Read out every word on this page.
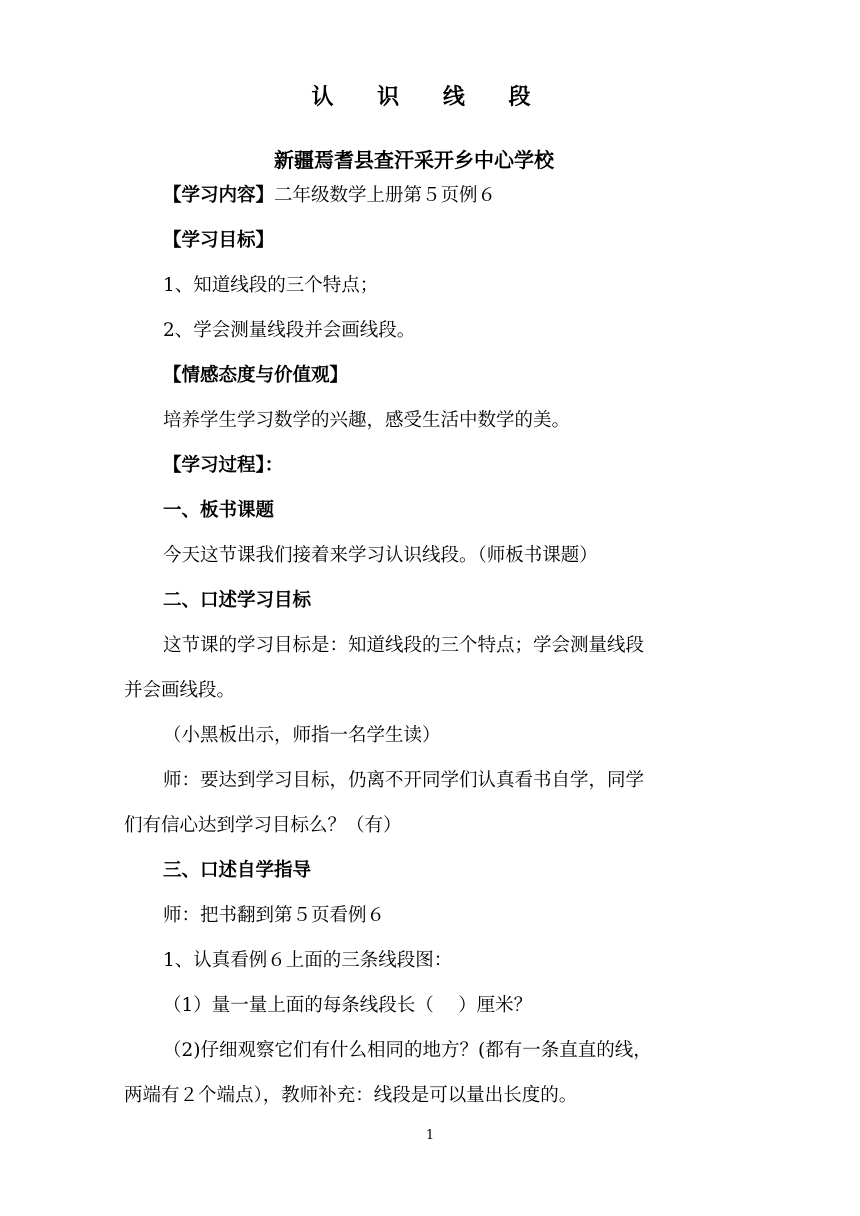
认 识 线 段
新疆焉耆县查汗采开乡中心学校
【学习内容】二年级数学上册第５页例６
【学习目标】
1、知道线段的三个特点；
2、学会测量线段并会画线段。
【情感态度与价值观】
培养学生学习数学的兴趣，感受生活中数学的美。
【学习过程】：
一、板书课题
今天这节课我们接着来学习认识线段。（师板书课题）
二、口述学习目标
这节课的学习目标是：知道线段的三个特点；学会测量线段
并会画线段。
（小黑板出示，师指一名学生读）
师：要达到学习目标，仍离不开同学们认真看书自学，同学
们有信心达到学习目标么？（有）
三、口述自学指导
师：把书翻到第５页看例６
1、认真看例６上面的三条线段图：
（1）量一量上面的每条线段长（　 ）厘米？
（2)仔细观察它们有什么相同的地方？(都有一条直直的线，
两端有２个端点），教师补充：线段是可以量出长度的。
1
